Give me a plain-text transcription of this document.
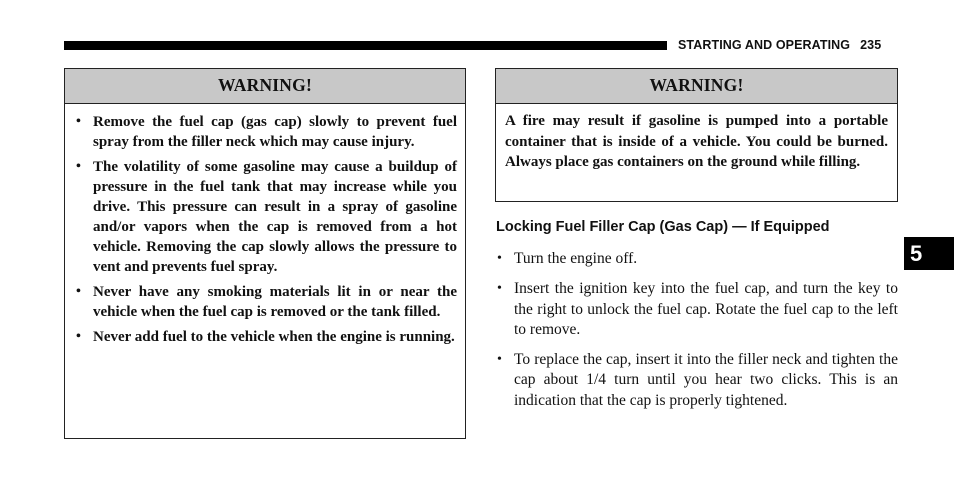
STARTING AND OPERATING 235
WARNING!
• Remove the fuel cap (gas cap) slowly to prevent fuel spray from the filler neck which may cause injury.
• The volatility of some gasoline may cause a buildup of pressure in the fuel tank that may increase while you drive. This pressure can result in a spray of gasoline and/or vapors when the cap is removed from a hot vehicle. Removing the cap slowly allows the pressure to vent and prevents fuel spray.
• Never have any smoking materials lit in or near the vehicle when the fuel cap is removed or the tank filled.
• Never add fuel to the vehicle when the engine is running.
WARNING!
A fire may result if gasoline is pumped into a portable container that is inside of a vehicle. You could be burned. Always place gas containers on the ground while filling.
Locking Fuel Filler Cap (Gas Cap) — If Equipped
• Turn the engine off.
• Insert the ignition key into the fuel cap, and turn the key to the right to unlock the fuel cap. Rotate the fuel cap to the left to remove.
• To replace the cap, insert it into the filler neck and tighten the cap about 1/4 turn until you hear two clicks. This is an indication that the cap is properly tightened.
5
